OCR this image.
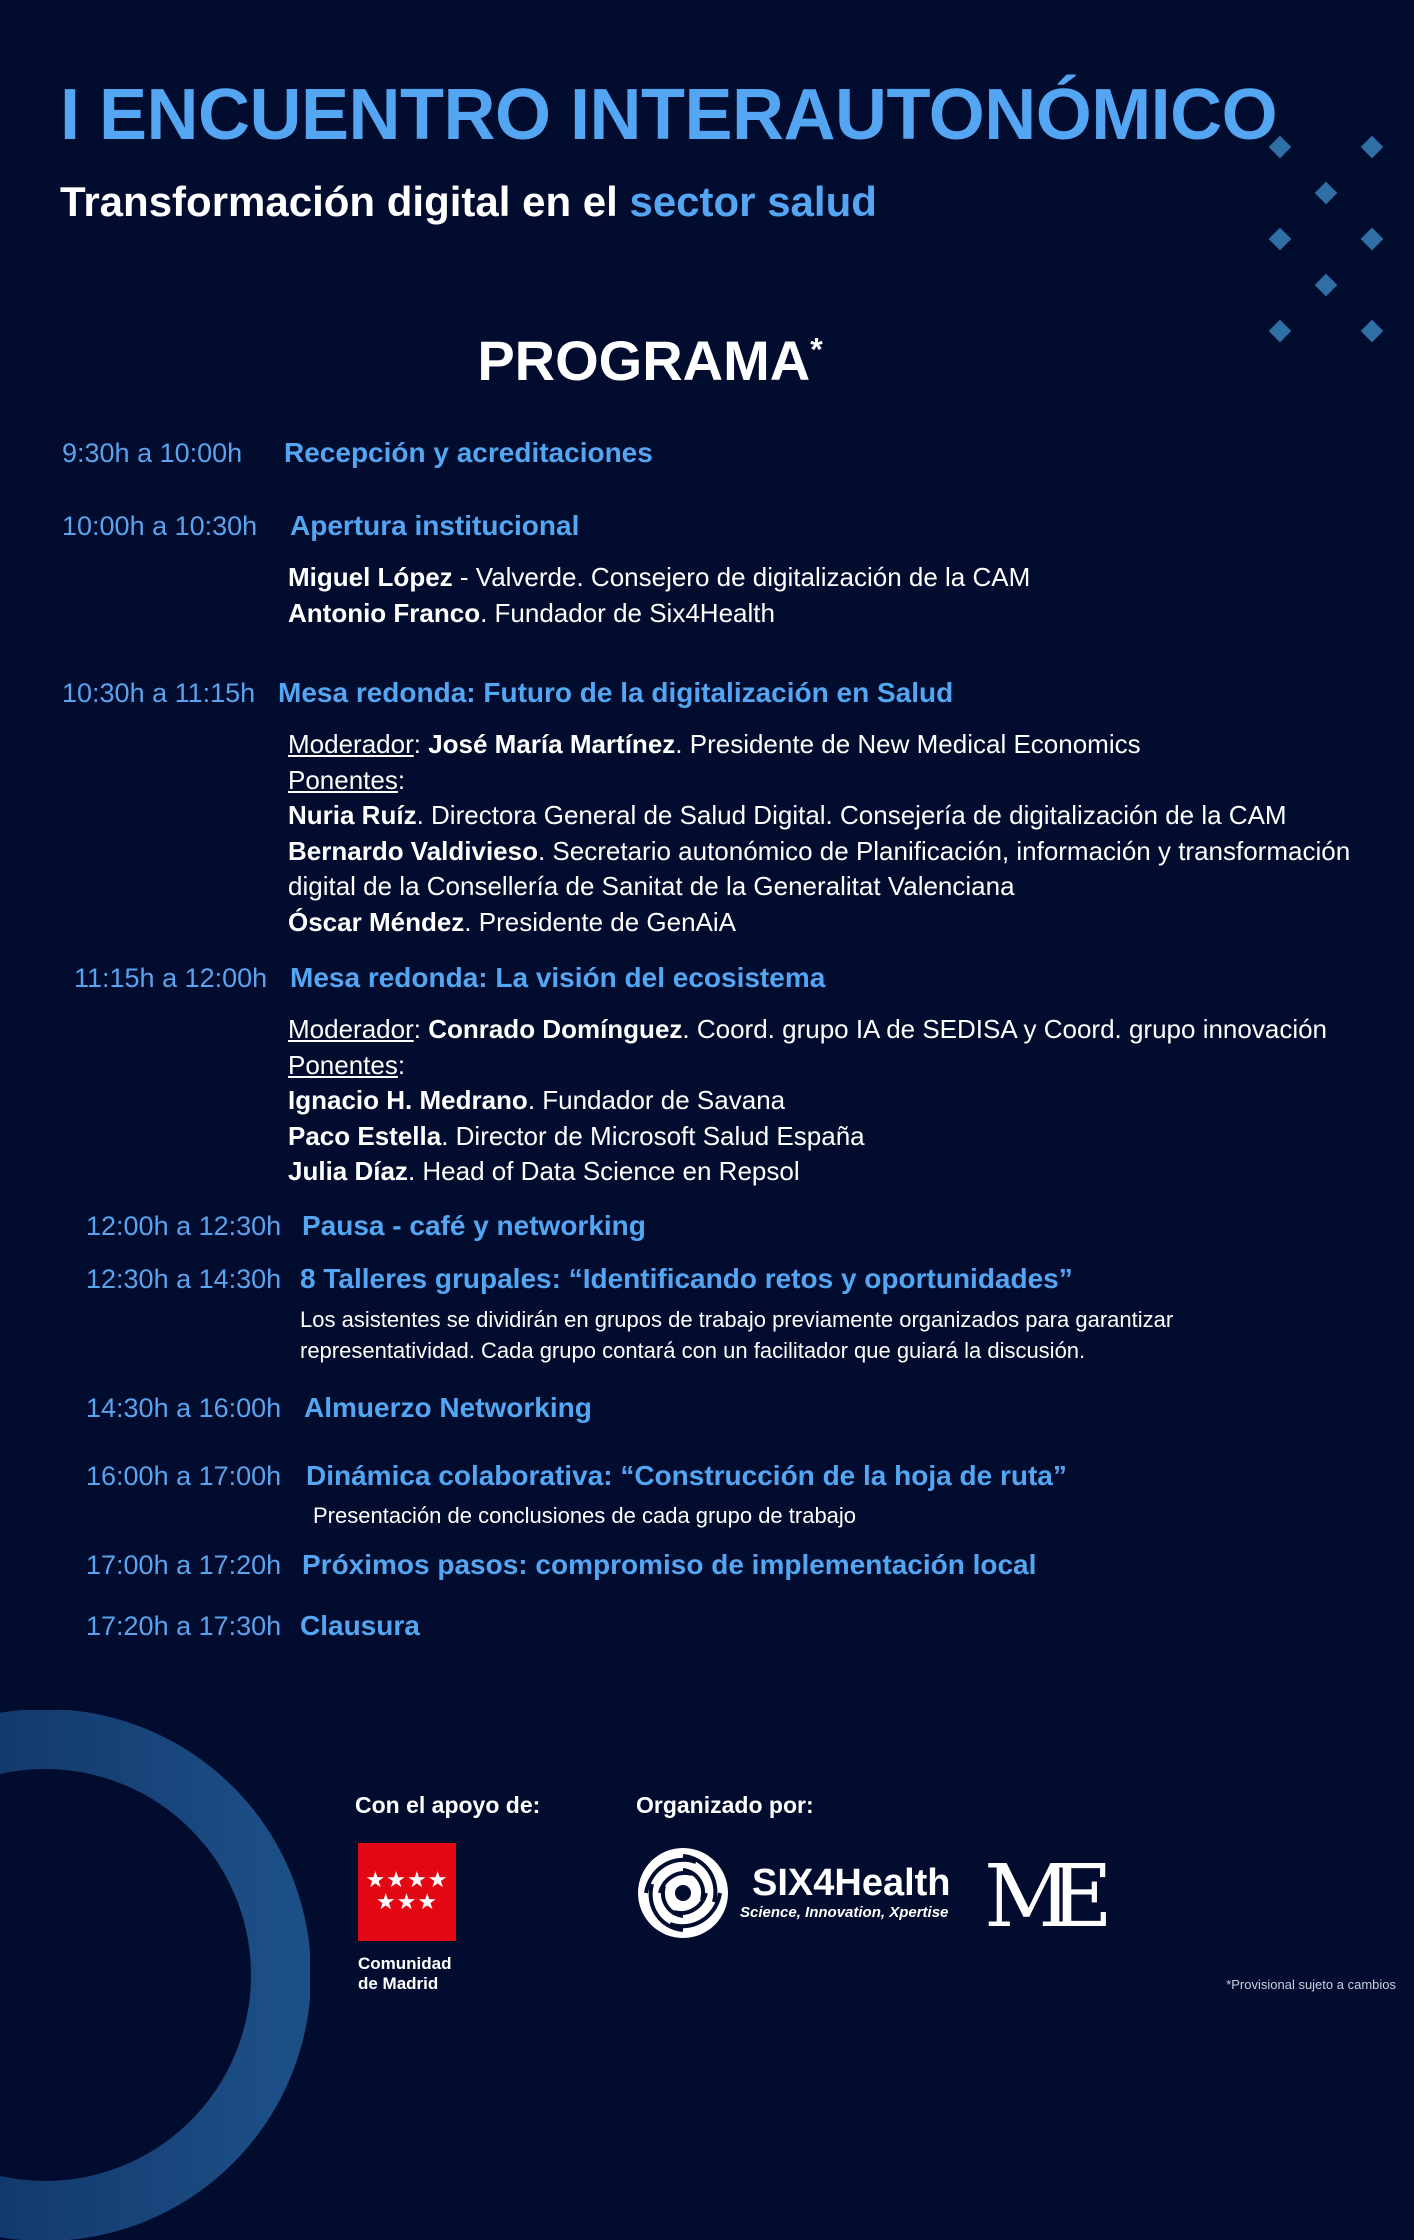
I ENCUENTRO INTERAUTONÓMICO
Transformación digital en el sector salud
PROGRAMA*
9:30h a 10:00h Recepción y acreditaciones
10:00h a 10:30h Apertura institucional
Miguel López - Valverde. Consejero de digitalización de la CAM
Antonio Franco. Fundador de Six4Health
10:30h a 11:15h Mesa redonda: Futuro de la digitalización en Salud
Moderador: José María Martínez. Presidente de New Medical Economics
Ponentes:
Nuria Ruíz. Directora General de Salud Digital. Consejería de digitalización de la CAM
Bernardo Valdivieso. Secretario autonómico de Planificación, información y transformación
digital de la Consellería de Sanitat de la Generalitat Valenciana
Óscar Méndez. Presidente de GenAiA
11:15h a 12:00h Mesa redonda: La visión del ecosistema
Moderador: Conrado Domínguez. Coord. grupo IA de SEDISA y Coord. grupo innovación
Ponentes:
Ignacio H. Medrano. Fundador de Savana
Paco Estella. Director de Microsoft Salud España
Julia Díaz. Head of Data Science en Repsol
12:00h a 12:30h Pausa - café y networking
12:30h a 14:30h 8 Talleres grupales: “Identificando retos y oportunidades”
Los asistentes se dividirán en grupos de trabajo previamente organizados para garantizar
representatividad. Cada grupo contará con un facilitador que guiará la discusión.
14:30h a 16:00h Almuerzo Networking
16:00h a 17:00h Dinámica colaborativa: “Construcción de la hoja de ruta”
Presentación de conclusiones de cada grupo de trabajo
17:00h a 17:20h Próximos pasos: compromiso de implementación local
17:20h a 17:30h Clausura
Con el apoyo de:	Organizado por:
★★★★
★★★
Comunidad
de Madrid
SIX4Health
Science, Innovation, Xpertise ME
*Provisional sujeto a cambios
